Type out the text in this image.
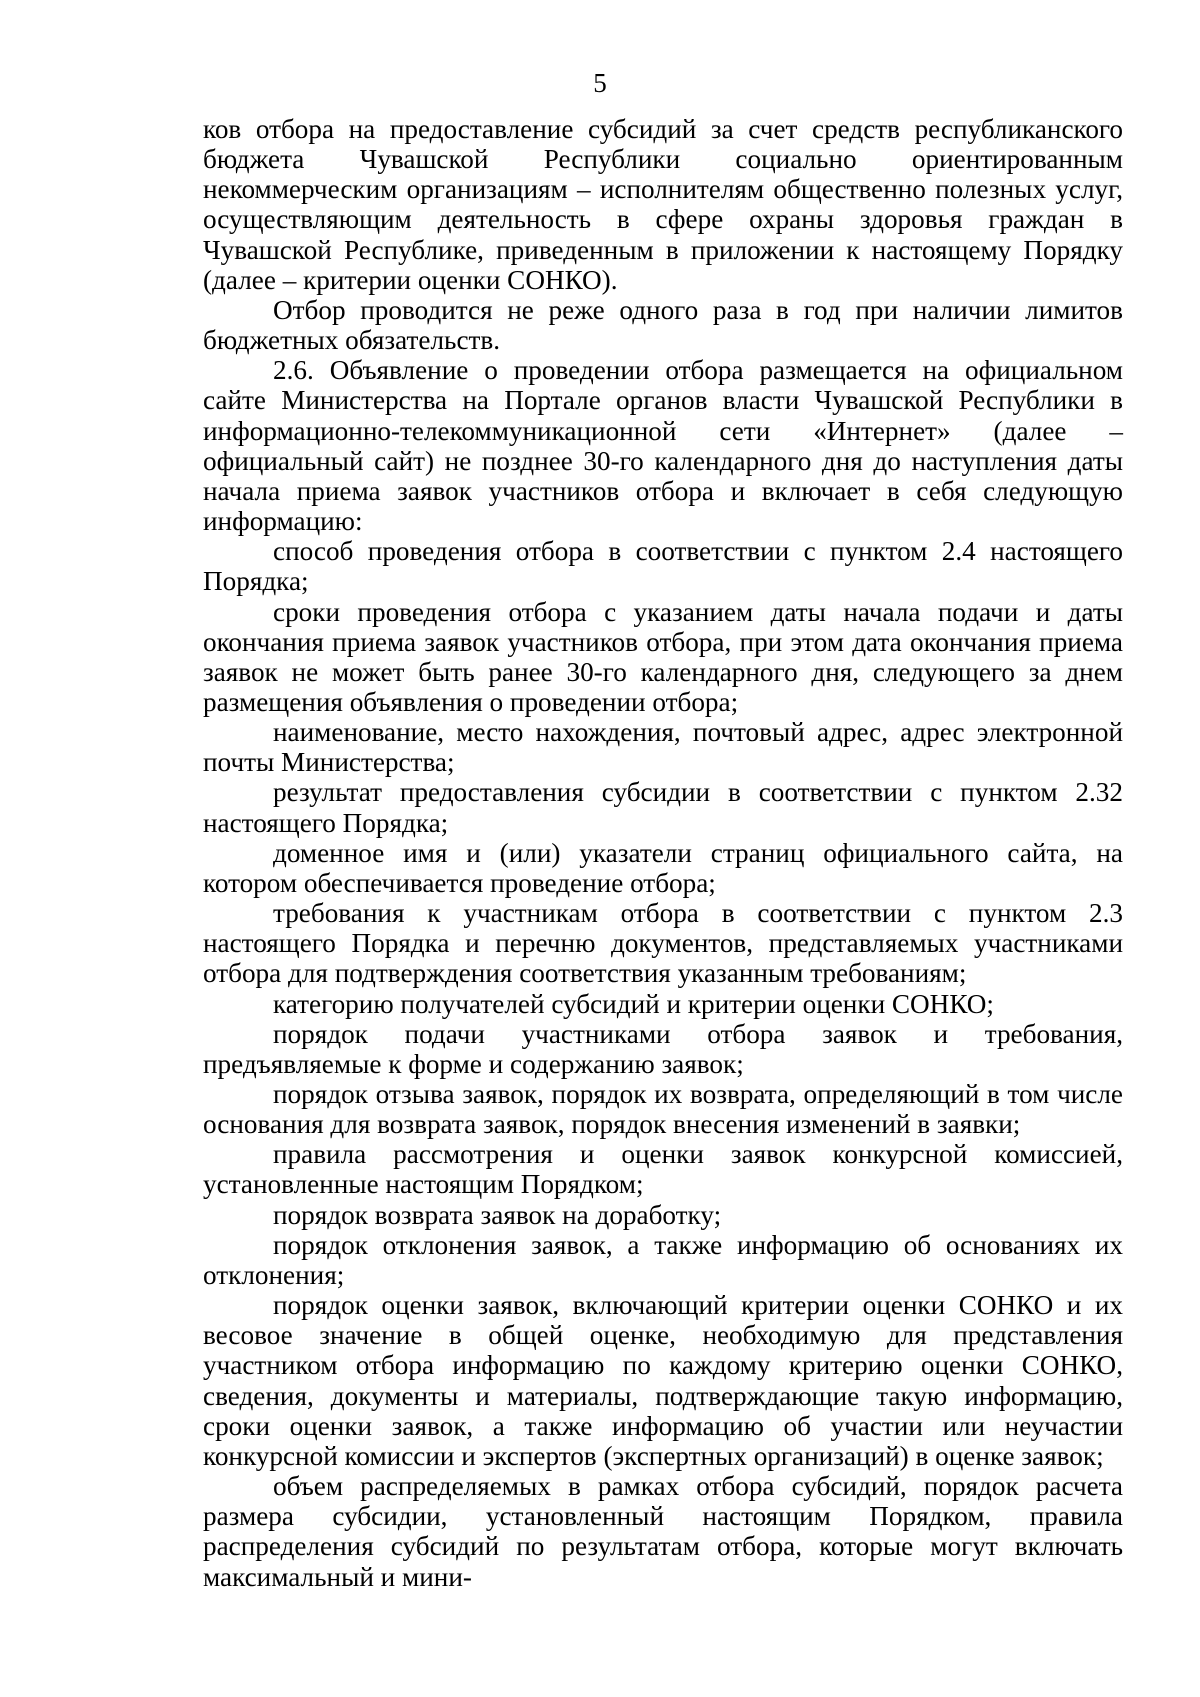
5

ков отбора на предоставление субсидий за счет средств республиканского бюджета Чувашской Республики социально ориентированным некоммерческим организациям – исполнителям общественно полезных услуг, осуществляющим деятельность в сфере охраны здоровья граждан в Чувашской Республике, приведенным в приложении к настоящему Порядку (далее – критерии оценки СОНКО).

Отбор проводится не реже одного раза в год при наличии лимитов бюджетных обязательств.

2.6. Объявление о проведении отбора размещается на официальном сайте Министерства на Портале органов власти Чувашской Республики в информационно-телекоммуникационной сети «Интернет» (далее – официальный сайт) не позднее 30-го календарного дня до наступления даты начала приема заявок участников отбора и включает в себя следующую информацию:

способ проведения отбора в соответствии с пунктом 2.4 настоящего Порядка;

сроки проведения отбора с указанием даты начала подачи и даты окончания приема заявок участников отбора, при этом дата окончания приема заявок не может быть ранее 30-го календарного дня, следующего за днем размещения объявления о проведении отбора;

наименование, место нахождения, почтовый адрес, адрес электронной почты Министерства;

результат предоставления субсидии в соответствии с пунктом 2.32 настоящего Порядка;

доменное имя и (или) указатели страниц официального сайта, на котором обеспечивается проведение отбора;

требования к участникам отбора в соответствии с пунктом 2.3 настоящего Порядка и перечню документов, представляемых участниками отбора для подтверждения соответствия указанным требованиям;

категорию получателей субсидий и критерии оценки СОНКО;

порядок подачи участниками отбора заявок и требования, предъявляемые к форме и содержанию заявок;

порядок отзыва заявок, порядок их возврата, определяющий в том числе основания для возврата заявок, порядок внесения изменений в заявки;

правила рассмотрения и оценки заявок конкурсной комиссией, установленные настоящим Порядком;

порядок возврата заявок на доработку;

порядок отклонения заявок, а также информацию об основаниях их отклонения;

порядок оценки заявок, включающий критерии оценки СОНКО и их весовое значение в общей оценке, необходимую для представления участником отбора информацию по каждому критерию оценки СОНКО, сведения, документы и материалы, подтверждающие такую информацию, сроки оценки заявок, а также информацию об участии или неучастии конкурсной комиссии и экспертов (экспертных организаций) в оценке заявок;

объем распределяемых в рамках отбора субсидий, порядок расчета размера субсидии, установленный настоящим Порядком, правила распределения субсидий по результатам отбора, которые могут включать максимальный и мини-
